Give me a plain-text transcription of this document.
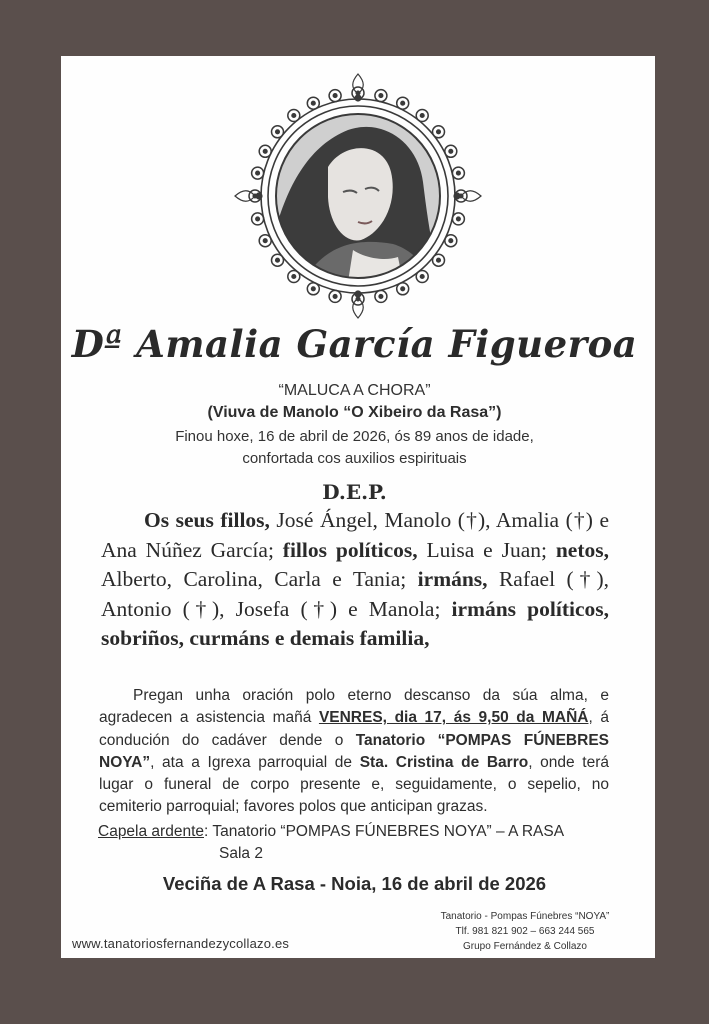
Dª Amalia García Figueroa
“MALUCA A CHORA”
(Viuva de Manolo “O Xibeiro da Rasa”)
Finou hoxe, 16 de abril de 2026, ós 89 anos de idade,
confortada cos auxilios espirituais
D.E.P.
Os seus fillos, José Ángel, Manolo (†), Amalia (†) e Ana Núñez García; fillos políticos, Luisa e Juan; netos, Alberto, Carolina, Carla e Tania; irmáns, Rafael (†), Antonio (†), Josefa (†) e Manola; irmáns políticos, sobriños, curmáns e demais familia,
Pregan unha oración polo eterno descanso da súa alma, e agradecen a asistencia mañá VENRES, dia 17, ás 9,50 da MAÑÁ, á condución do cadáver dende o Tanatorio “POMPAS FÚNEBRES NOYA”, ata a Igrexa parroquial de Sta. Cristina de Barro, onde terá lugar o funeral de corpo presente e, seguidamente, o sepelio, no cemiterio parroquial; favores polos que anticipan grazas.
Capela ardente: Tanatorio “POMPAS FÚNEBRES NOYA” – A RASA
Sala 2
Veciña de A Rasa - Noia, 16 de abril de 2026
www.tanatoriosfernandezycollazo.es
Tanatorio - Pompas Fúnebres “NOYA”
Tlf. 981 821 902 – 663 244 565
Grupo Fernández & Collazo
